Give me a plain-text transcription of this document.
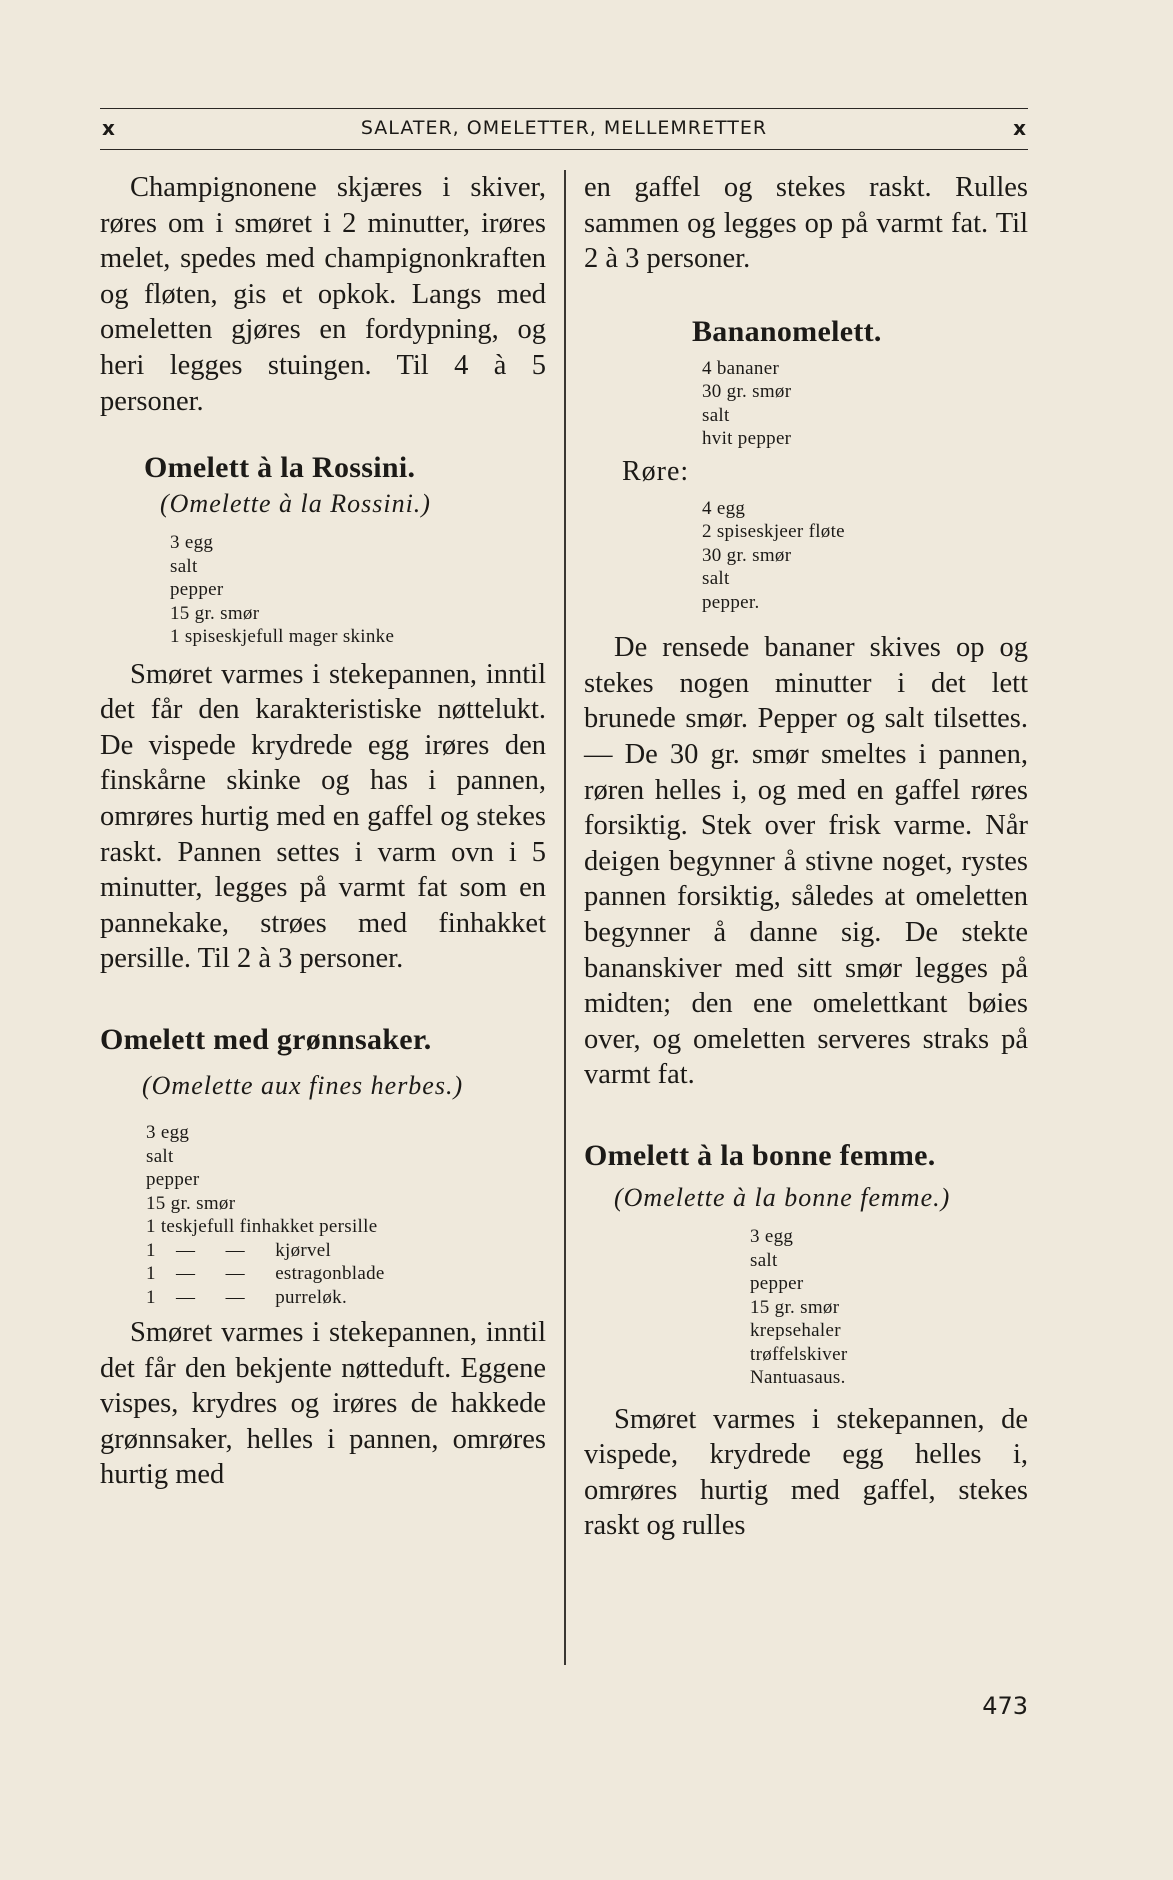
x	SALATER, OMELETTER, MELLEMRETTER	x

Champignonene skjæres i skiver, røres om i smøret i 2 minutter, irøres melet, spedes med champignonkraften og fløten, gis et opkok. Langs med omeletten gjøres en fordypning, og heri legges stuingen. Til 4 à 5 personer.

Omelett à la Rossini.
(Omelette à la Rossini.)
3 egg
salt
pepper
15 gr. smør
1 spiseskjefull mager skinke

Smøret varmes i stekepannen, inntil det får den karakteristiske nøttelukt. De vispede krydrede egg irøres den finskårne skinke og has i pannen, omrøres hurtig med en gaffel og stekes raskt. Pannen settes i varm ovn i 5 minutter, legges på varmt fat som en pannekake, strøes med finhakket persille. Til 2 à 3 personer.

Omelett med grønnsaker.
(Omelette aux fines herbes.)
3 egg
salt
pepper
15 gr. smør
1 teskjefull finhakket persille
1    —      —      kjørvel
1    —      —      estragonblade
1    —      —      purreløk.

Smøret varmes i stekepannen, inntil det får den bekjente nøtteduft. Eggene vispes, krydres og irøres de hakkede grønnsaker, helles i pannen, omrøres hurtig med

en gaffel og stekes raskt. Rulles sammen og legges op på varmt fat. Til 2 à 3 personer.

Bananomelett.
4 bananer
30 gr. smør
salt
hvit pepper
Røre:
4 egg
2 spiseskjeer fløte
30 gr. smør
salt
pepper.

De rensede bananer skives op og stekes nogen minutter i det lett brunede smør. Pepper og salt tilsettes. — De 30 gr. smør smeltes i pannen, røren helles i, og med en gaffel røres forsiktig. Stek over frisk varme. Når deigen begynner å stivne noget, rystes pannen forsiktig, således at omeletten begynner å danne sig. De stekte bananskiver med sitt smør legges på midten; den ene omelettkant bøies over, og omeletten serveres straks på varmt fat.

Omelett à la bonne femme.
(Omelette à la bonne femme.)
3 egg
salt
pepper
15 gr. smør
krepsehaler
trøffelskiver
Nantuasaus.

Smøret varmes i stekepannen, de vispede, krydrede egg helles i, omrøres hurtig med gaffel, stekes raskt og rulles

473
